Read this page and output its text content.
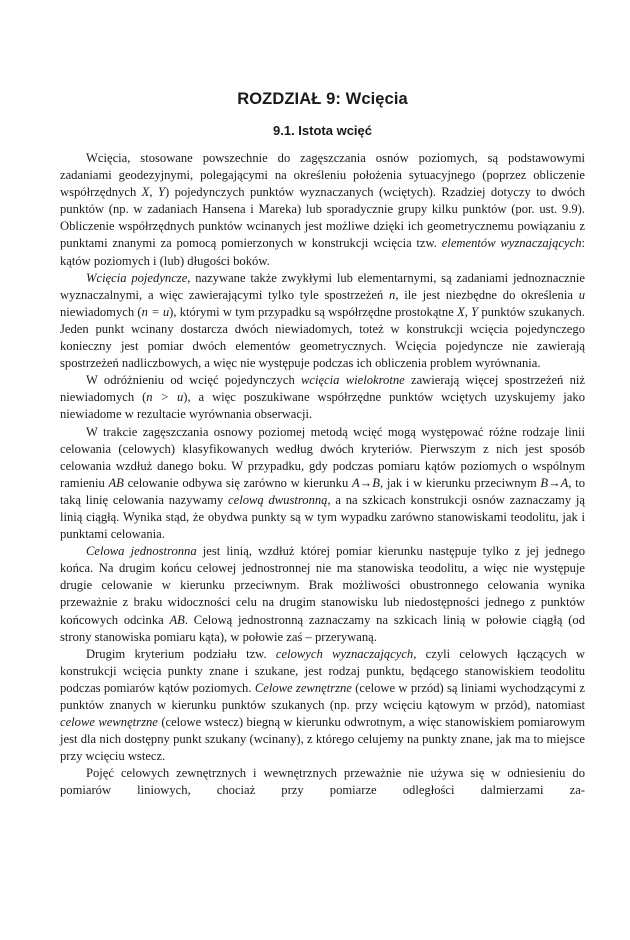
ROZDZIAŁ 9: Wcięcia
9.1. Istota wcięć

Wcięcia, stosowane powszechnie do zagęszczania osnów poziomych, są podstawowymi zadaniami geodezyjnymi, polegającymi na określeniu położenia sytuacyjnego (poprzez obliczenie współrzędnych X, Y) pojedynczych punktów wyznaczanych (wciętych). Rzadziej dotyczy to dwóch punktów (np. w zadaniach Hansena i Mareka) lub sporadycznie grupy kilku punktów (por. ust. 9.9). Obliczenie współrzędnych punktów wcinanych jest możliwe dzięki ich geometrycznemu powiązaniu z punktami znanymi za pomocą pomierzonych w konstrukcji wcięcia tzw. elementów wyznaczających: kątów poziomych i (lub) długości boków.

Wcięcia pojedyncze, nazywane także zwykłymi lub elementarnymi, są zadaniami jednoznacznie wyznaczalnymi, a więc zawierającymi tylko tyle spostrzeżeń n, ile jest niezbędne do określenia u niewiadomych (n = u), którymi w tym przypadku są współrzędne prostokątne X, Y punktów szukanych. Jeden punkt wcinany dostarcza dwóch niewiadomych, toteż w konstrukcji wcięcia pojedynczego konieczny jest pomiar dwóch elementów geometrycznych. Wcięcia pojedyncze nie zawierają spostrzeżeń nadliczbowych, a więc nie występuje podczas ich obliczenia problem wyrównania.

W odróżnieniu od wcięć pojedynczych wcięcia wielokrotne zawierają więcej spostrzeżeń niż niewiadomych (n > u), a więc poszukiwane współrzędne punktów wciętych uzyskujemy jako niewiadome w rezultacie wyrównania obserwacji.

W trakcie zagęszczania osnowy poziomej metodą wcięć mogą występować różne rodzaje linii celowania (celowych) klasyfikowanych według dwóch kryteriów. Pierwszym z nich jest sposób celowania wzdłuż danego boku. W przypadku, gdy podczas pomiaru kątów poziomych o wspólnym ramieniu AB celowanie odbywa się zarówno w kierunku A→B, jak i w kierunku przeciwnym B→A, to taką linię celowania nazywamy celową dwustronną, a na szkicach konstrukcji osnów zaznaczamy ją linią ciągłą. Wynika stąd, że obydwa punkty są w tym wypadku zarówno stanowiskami teodolitu, jak i punktami celowania.

Celowa jednostronna jest linią, wzdłuż której pomiar kierunku następuje tylko z jej jednego końca. Na drugim końcu celowej jednostronnej nie ma stanowiska teodolitu, a więc nie występuje drugie celowanie w kierunku przeciwnym. Brak możliwości obustronnego celowania wynika przeważnie z braku widoczności celu na drugim stanowisku lub niedostępności jednego z punktów końcowych odcinka AB. Celową jednostronną zaznaczamy na szkicach linią w połowie ciągłą (od strony stanowiska pomiaru kąta), w połowie zaś – przerywaną.

Drugim kryterium podziału tzw. celowych wyznaczających, czyli celowych łączących w konstrukcji wcięcia punkty znane i szukane, jest rodzaj punktu, będącego stanowiskiem teodolitu podczas pomiarów kątów poziomych. Celowe zewnętrzne (celowe w przód) są liniami wychodzącymi z punktów znanych w kierunku punktów szukanych (np. przy wcięciu kątowym w przód), natomiast celowe wewnętrzne (celowe wstecz) biegną w kierunku odwrotnym, a więc stanowiskiem pomiarowym jest dla nich dostępny punkt szukany (wcinany), z którego celujemy na punkty znane, jak ma to miejsce przy wcięciu wstecz.

Pojęć celowych zewnętrznych i wewnętrznych przeważnie nie używa się w odniesieniu do pomiarów liniowych, chociaż przy pomiarze odległości dalmierzami za-
